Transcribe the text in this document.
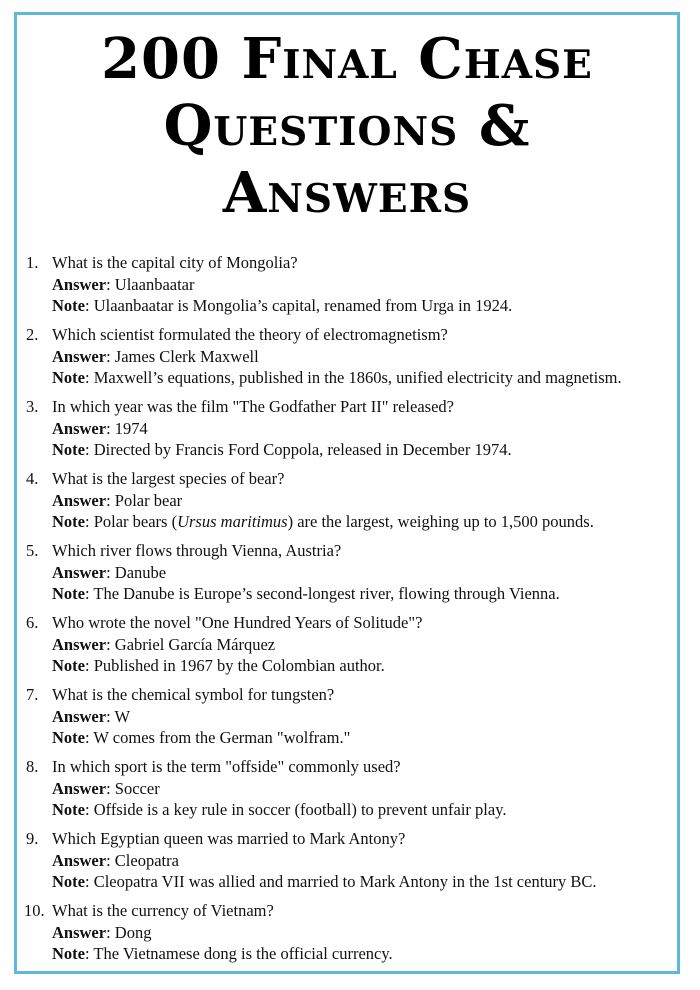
200 Final Chase
Questions &
Answers
1. What is the capital city of Mongolia?
Answer: Ulaanbaatar
Note: Ulaanbaatar is Mongolia’s capital, renamed from Urga in 1924.
2. Which scientist formulated the theory of electromagnetism?
Answer: James Clerk Maxwell
Note: Maxwell’s equations, published in the 1860s, unified electricity and magnetism.
3. In which year was the film "The Godfather Part II" released?
Answer: 1974
Note: Directed by Francis Ford Coppola, released in December 1974.
4. What is the largest species of bear?
Answer: Polar bear
Note: Polar bears (Ursus maritimus) are the largest, weighing up to 1,500 pounds.
5. Which river flows through Vienna, Austria?
Answer: Danube
Note: The Danube is Europe’s second-longest river, flowing through Vienna.
6. Who wrote the novel "One Hundred Years of Solitude"?
Answer: Gabriel García Márquez
Note: Published in 1967 by the Colombian author.
7. What is the chemical symbol for tungsten?
Answer: W
Note: W comes from the German "wolfram."
8. In which sport is the term "offside" commonly used?
Answer: Soccer
Note: Offside is a key rule in soccer (football) to prevent unfair play.
9. Which Egyptian queen was married to Mark Antony?
Answer: Cleopatra
Note: Cleopatra VII was allied and married to Mark Antony in the 1st century BC.
10. What is the currency of Vietnam?
Answer: Dong
Note: The Vietnamese dong is the official currency.
